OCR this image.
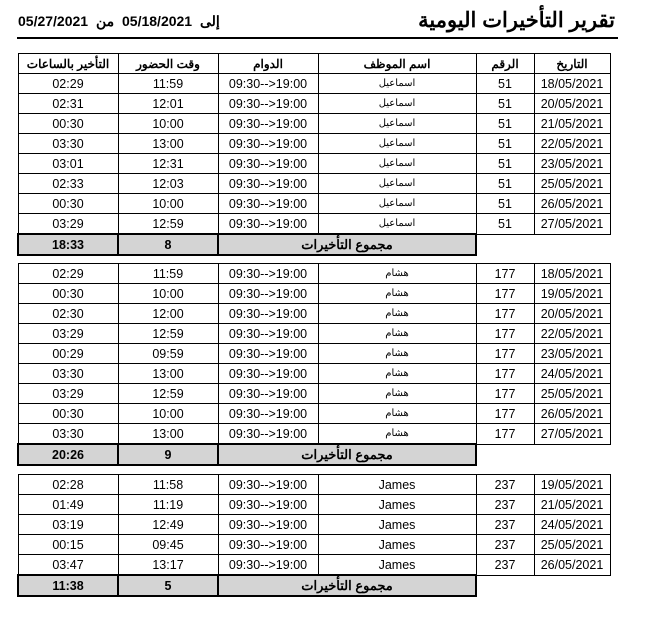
تقرير التأخيرات اليومية
05/27/2021	إلى 05/18/2021 من
التأخير بالساعات	وقت الحضور	الدوام	اسم الموظف	الرقم	التاريخ
02:29	11:59	09:30-->19:00	اسماعيل	51	18/05/2021
02:31	12:01	09:30-->19:00	اسماعيل	51	20/05/2021
00:30	10:00	09:30-->19:00	اسماعيل	51	21/05/2021
03:30	13:00	09:30-->19:00	اسماعيل	51	22/05/2021
03:01	12:31	09:30-->19:00	اسماعيل	51	23/05/2021
02:33	12:03	09:30-->19:00	اسماعيل	51	25/05/2021
00:30	10:00	09:30-->19:00	اسماعيل	51	26/05/2021
03:29	12:59	09:30-->19:00	اسماعيل	51	27/05/2021
18:33	8	مجموع التأخيرات			
02:29	11:59	09:30-->19:00	هشام	177	18/05/2021
00:30	10:00	09:30-->19:00	هشام	177	19/05/2021
02:30	12:00	09:30-->19:00	هشام	177	20/05/2021
03:29	12:59	09:30-->19:00	هشام	177	22/05/2021
00:29	09:59	09:30-->19:00	هشام	177	23/05/2021
03:30	13:00	09:30-->19:00	هشام	177	24/05/2021
03:29	12:59	09:30-->19:00	هشام	177	25/05/2021
00:30	10:00	09:30-->19:00	هشام	177	26/05/2021
03:30	13:00	09:30-->19:00	هشام	177	27/05/2021
20:26	9	مجموع التأخيرات			
02:28	11:58	09:30-->19:00	James	237	19/05/2021
01:49	11:19	09:30-->19:00	James	237	21/05/2021
03:19	12:49	09:30-->19:00	James	237	24/05/2021
00:15	09:45	09:30-->19:00	James	237	25/05/2021
03:47	13:17	09:30-->19:00	James	237	26/05/2021
11:38	5	مجموع التأخيرات			
